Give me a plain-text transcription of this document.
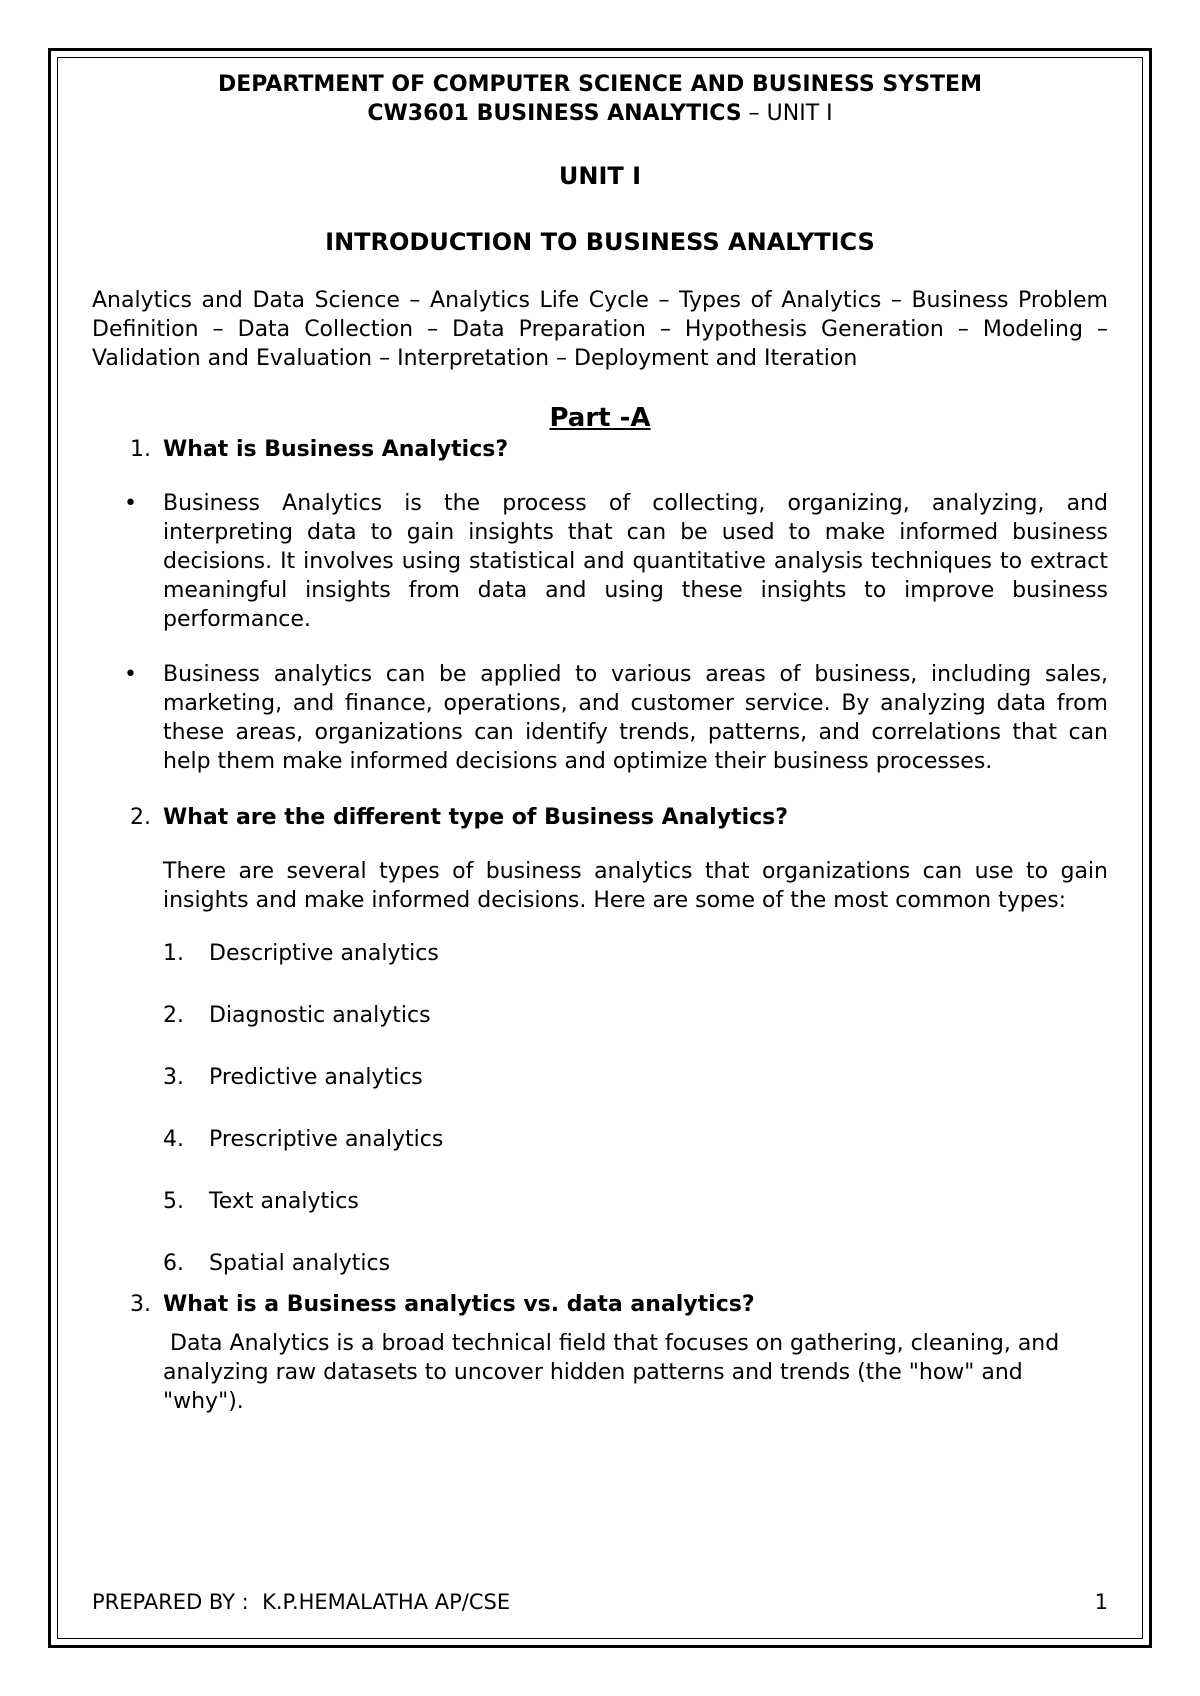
DEPARTMENT OF COMPUTER SCIENCE AND BUSINESS SYSTEM

CW3601 BUSINESS ANALYTICS – UNIT I

UNIT I

INTRODUCTION TO BUSINESS ANALYTICS

Analytics and Data Science – Analytics Life Cycle – Types of Analytics – Business Problem Definition – Data Collection – Data Preparation – Hypothesis Generation – Modeling – Validation and Evaluation – Interpretation – Deployment and Iteration

Part -A

1. What is Business Analytics?

• Business Analytics is the process of collecting, organizing, analyzing, and interpreting data to gain insights that can be used to make informed business decisions. It involves using statistical and quantitative analysis techniques to extract meaningful insights from data and using these insights to improve business performance.

• Business analytics can be applied to various areas of business, including sales, marketing, and finance, operations, and customer service. By analyzing data from these areas, organizations can identify trends, patterns, and correlations that can help them make informed decisions and optimize their business processes.

2. What are the different type of Business Analytics?

There are several types of business analytics that organizations can use to gain insights and make informed decisions. Here are some of the most common types:

1. Descriptive analytics

2. Diagnostic analytics

3. Predictive analytics

4. Prescriptive analytics

5. Text analytics

6. Spatial analytics

3. What is a Business analytics vs. data analytics?

Data Analytics is a broad technical field that focuses on gathering, cleaning, and analyzing raw datasets to uncover hidden patterns and trends (the "how" and "why").

PREPARED BY :  K.P.HEMALATHA AP/CSE	1
